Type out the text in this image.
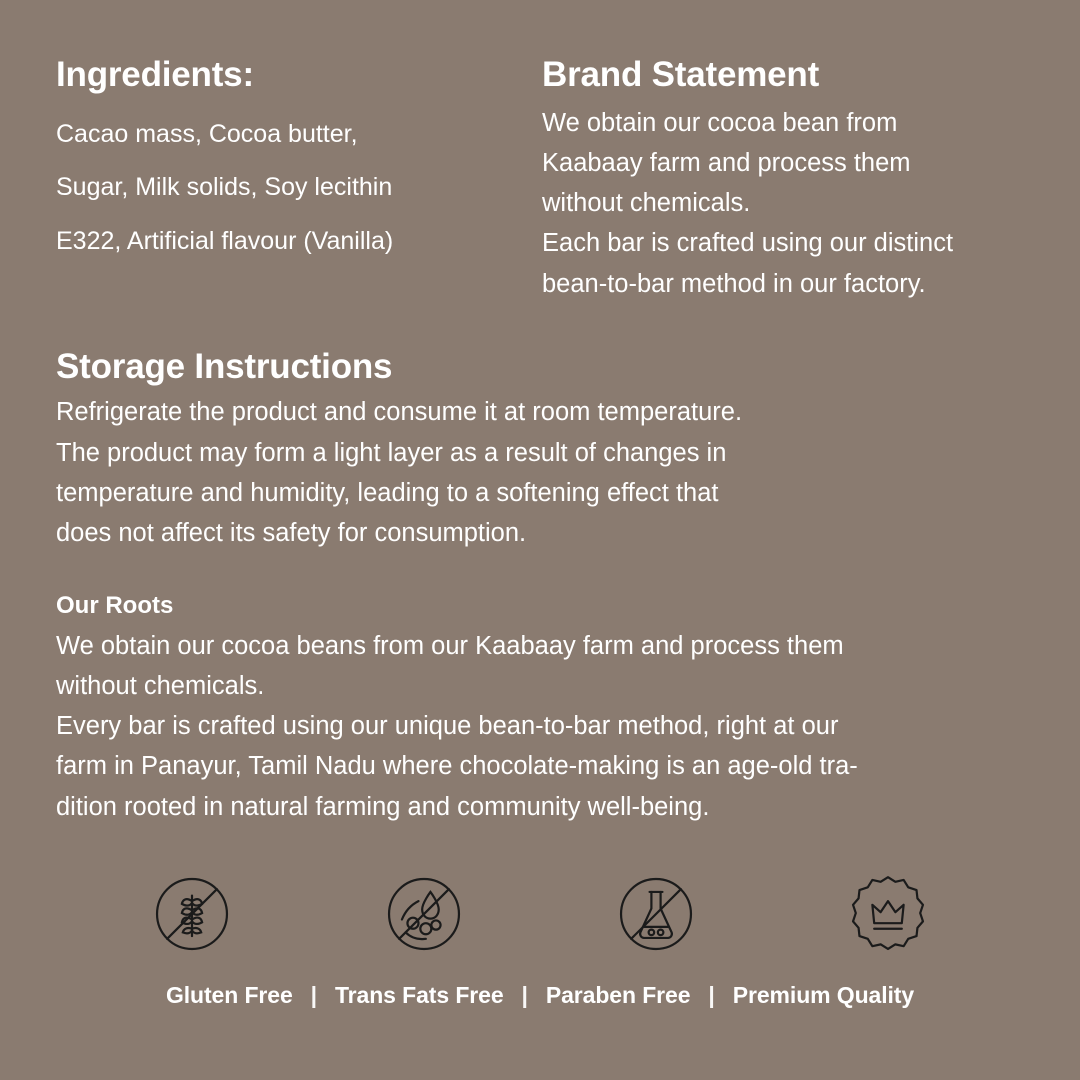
Ingredients:
Cacao mass, Cocoa butter,
Sugar, Milk solids, Soy lecithin
E322, Artificial flavour (Vanilla)
Brand Statement
We obtain our cocoa bean from
Kaabaay farm and process them
without chemicals.
Each bar is crafted using our distinct
bean-to-bar method in our factory.
Storage Instructions
Refrigerate the product and consume it at room temperature.
The product may form a light layer as a result of changes in
temperature and humidity, leading to a softening effect that
does not affect its safety for consumption.
Our Roots
We obtain our cocoa beans from our Kaabaay farm and process them
without chemicals.
Every bar is crafted using our unique bean-to-bar method, right at our
farm in Panayur, Tamil Nadu where chocolate-making is an age-old tra-
dition rooted in natural farming and community well-being.
Gluten Free | Trans Fats Free | Paraben Free | Premium Quality
